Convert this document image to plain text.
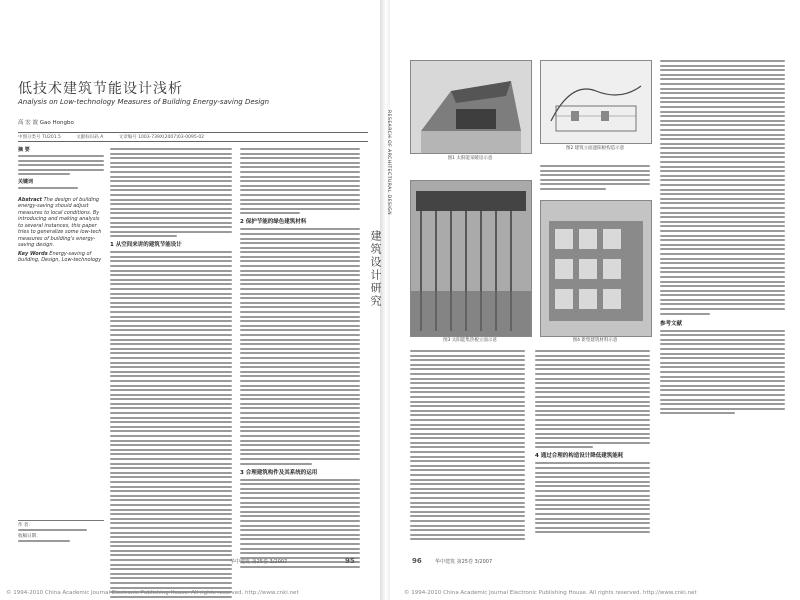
低技术建筑节能设计浅析
Analysis on Low-technology Measures of Building Energy-saving Design
高 宏 波 Gao Hongbo
中图分类号 TU201.5	文献标识码 A	文章编号 1003-739X(2007)03-0095-02
摘 要
关键词
Abstract The design of building energy-saving should adjust measures to local conditions. By introducing and making analysis to several instances, this paper tries to generalize some low-tech measures of building's energy-saving design.
Key Words Energy-saving of building, Design, Low-technology
作 者：
收稿日期：
1 从空间来讲的建筑节能设计
2 保护节能的绿色建筑材料
3 合理建筑构件及其系统的运用
华中建筑 第25卷 3/2007	95
© 1994-2010 China Academic Journal Electronic Publishing House. All rights reserved. http://www.cnki.net
RESEARCH OF ARCHITECTURAL DESIGN
建筑设计研究
图1 太阳能采暖房示意
图2 建筑立面遮阳板构造示意
图3 太阳能集热板立面示意	图4 新型建筑材料示意
4 通过合理的构造设计降低建筑能耗
参考文献
96	华中建筑 第25卷 3/2007
© 1994-2010 China Academic Journal Electronic Publishing House. All rights reserved. http://www.cnki.net
